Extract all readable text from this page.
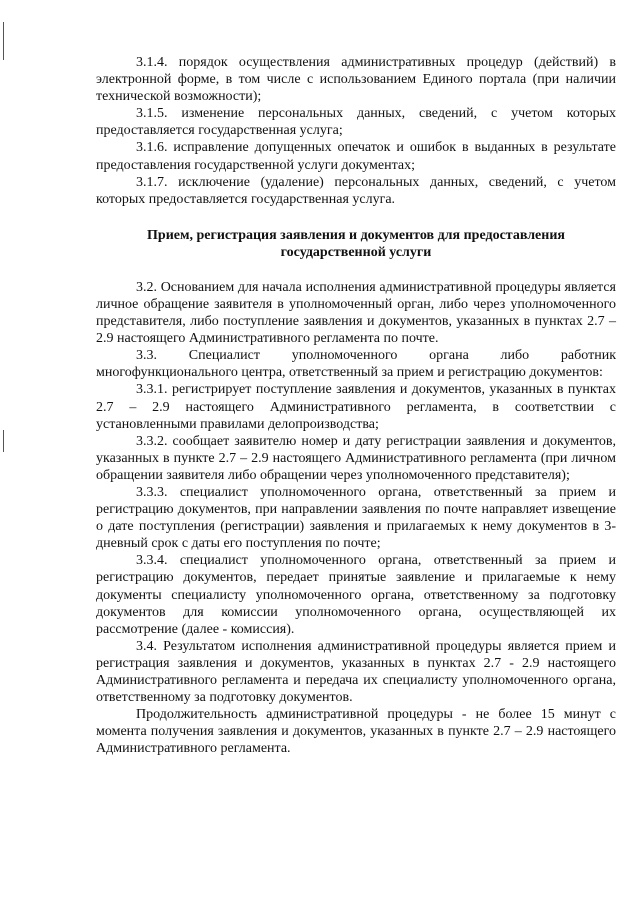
3.1.4. порядок осуществления административных процедур (действий) в электронной форме, в том числе с использованием Единого портала (при наличии технической возможности);

3.1.5. изменение персональных данных, сведений, с учетом которых предоставляется государственная услуга;

3.1.6. исправление допущенных опечаток и ошибок в выданных в результате предоставления государственной услуги документах;

3.1.7. исключение (удаление) персональных данных, сведений, с учетом которых предоставляется государственная услуга.

Прием, регистрация заявления и документов для предоставления
государственной услуги

3.2. Основанием для начала исполнения административной процедуры является личное обращение заявителя в уполномоченный орган, либо через уполномоченного представителя, либо поступление заявления и документов, указанных в пунктах 2.7 – 2.9 настоящего Административного регламента по почте.

3.3. Специалист уполномоченного органа либо работник многофункционального центра, ответственный за прием и регистрацию документов:

3.3.1. регистрирует поступление заявления и документов, указанных в пунктах 2.7 – 2.9 настоящего Административного регламента, в соответствии с установленными правилами делопроизводства;

3.3.2. сообщает заявителю номер и дату регистрации заявления и документов, указанных в пункте 2.7 – 2.9 настоящего Административного регламента (при личном обращении заявителя либо обращении через уполномоченного представителя);

3.3.3. специалист уполномоченного органа, ответственный за прием и регистрацию документов, при направлении заявления по почте направляет извещение о дате поступления (регистрации) заявления и прилагаемых к нему документов в 3-дневный срок с даты его поступления по почте;

3.3.4. специалист уполномоченного органа, ответственный за прием и регистрацию документов, передает принятые заявление и прилагаемые к нему документы специалисту уполномоченного органа, ответственному за подготовку документов для комиссии уполномоченного органа, осуществляющей их рассмотрение (далее - комиссия).

3.4. Результатом исполнения административной процедуры является прием и регистрация заявления и документов, указанных в пунктах 2.7 - 2.9 настоящего Административного регламента и передача их специалисту уполномоченного органа, ответственному за подготовку документов.

Продолжительность административной процедуры - не более 15 минут с момента получения заявления и документов, указанных в пункте 2.7 – 2.9 настоящего Административного регламента.
